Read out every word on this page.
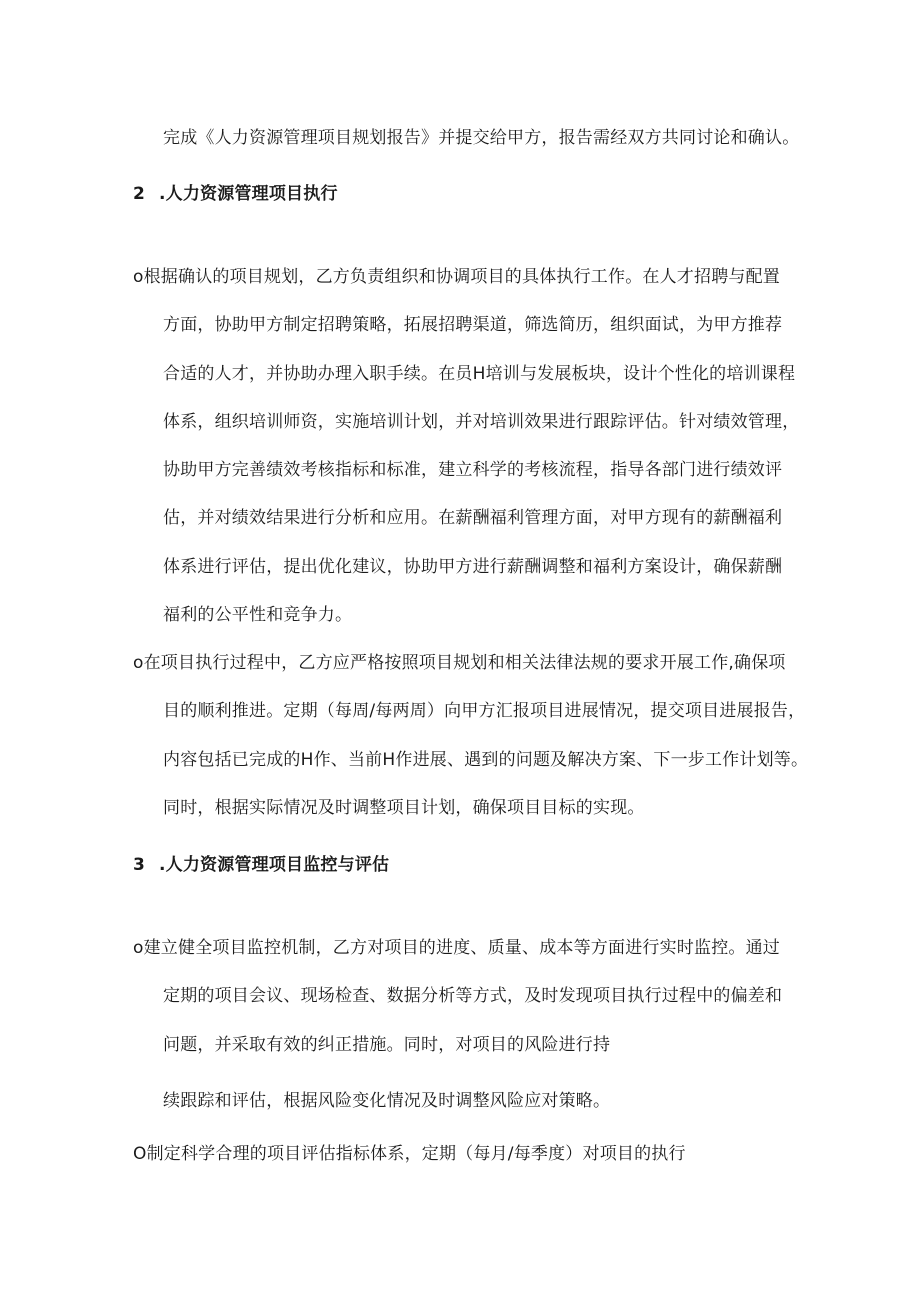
完成《人力资源管理项目规划报告》并提交给甲方，报告需经双方共同讨论和确认。
2 .人力资源管理项目执行
o根据确认的项目规划，乙方负责组织和协调项目的具体执行工作。在人才招聘与配置
方面，协助甲方制定招聘策略，拓展招聘渠道，筛选简历，组织面试，为甲方推荐
合适的人才，并协助办理入职手续。在员H培训与发展板块，设计个性化的培训课程
体系，组织培训师资，实施培训计划，并对培训效果进行跟踪评估。针对绩效管理，
协助甲方完善绩效考核指标和标准，建立科学的考核流程，指导各部门进行绩效评
估，并对绩效结果进行分析和应用。在薪酬福利管理方面，对甲方现有的薪酬福利
体系进行评估，提出优化建议，协助甲方进行薪酬调整和福利方案设计，确保薪酬
福利的公平性和竞争力。
o在项目执行过程中，乙方应严格按照项目规划和相关法律法规的要求开展工作,确保项
目的顺利推进。定期（每周/每两周）向甲方汇报项目进展情况，提交项目进展报告，
内容包括已完成的H作、当前H作进展、遇到的问题及解决方案、下一步工作计划等。
同时，根据实际情况及时调整项目计划，确保项目目标的实现。
3 .人力资源管理项目监控与评估
o建立健全项目监控机制，乙方对项目的进度、质量、成本等方面进行实时监控。通过
定期的项目会议、现场检查、数据分析等方式，及时发现项目执行过程中的偏差和
问题，并采取有效的纠正措施。同时，对项目的风险进行持
续跟踪和评估，根据风险变化情况及时调整风险应对策略。
O制定科学合理的项目评估指标体系，定期（每月/每季度）对项目的执行
